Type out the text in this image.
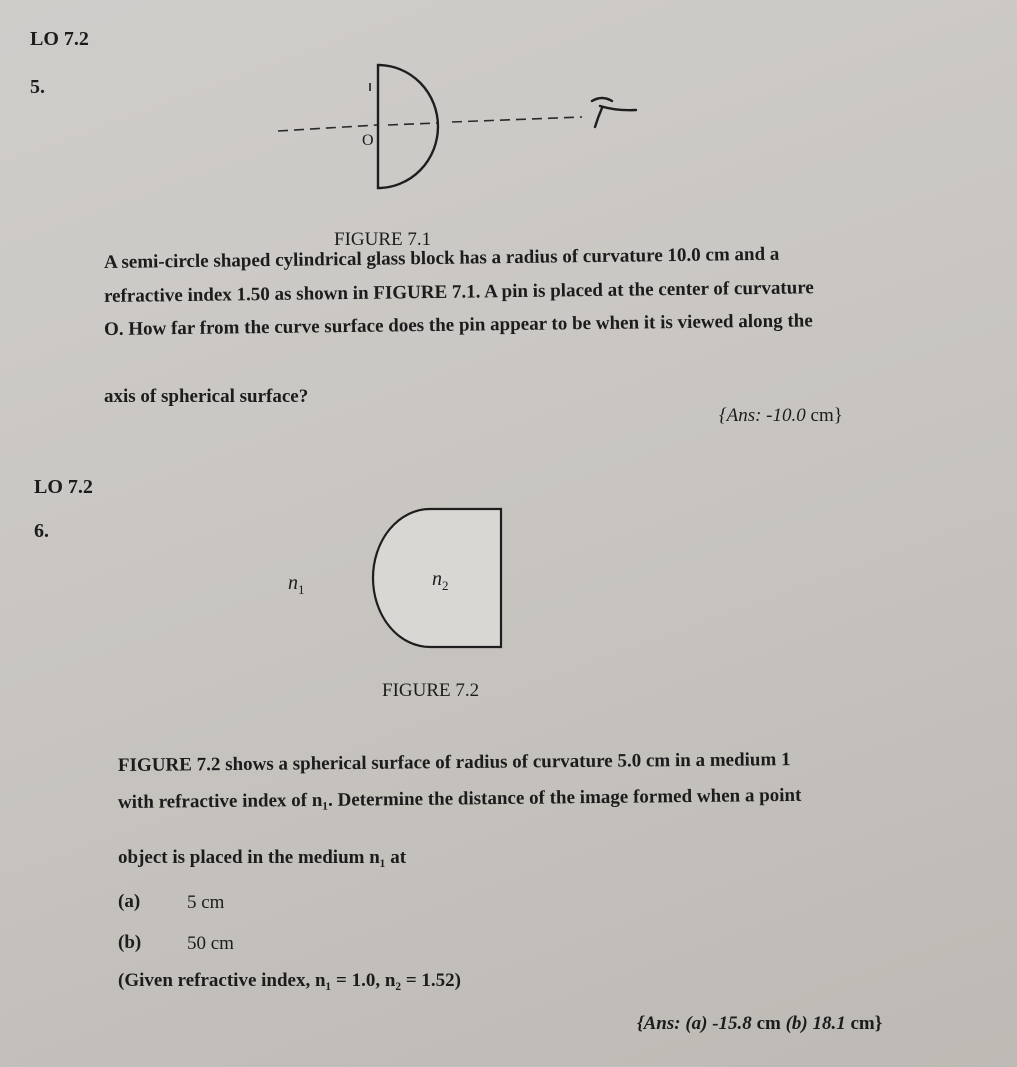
LO 7.2
5.
O
FIGURE 7.1
A semi-circle shaped cylindrical glass block has a radius of curvature 10.0 cm and a
refractive index 1.50 as shown in FIGURE 7.1. A pin is placed at the center of curvature
O. How far from the curve surface does the pin appear to be when it is viewed along the
axis of spherical surface?
{Ans: -10.0 cm}
LO 7.2
6.
$n_1$	$n_2$
FIGURE 7.2
FIGURE 7.2 shows a spherical surface of radius of curvature 5.0 cm in a medium 1
with refractive index of n₁. Determine the distance of the image formed when a point
object is placed in the medium n₁ at
(a) 5 cm
(b) 50 cm
(Given refractive index, n₁ = 1.0, n₂ = 1.52)
{Ans: (a) -15.8 cm (b) 18.1 cm}
